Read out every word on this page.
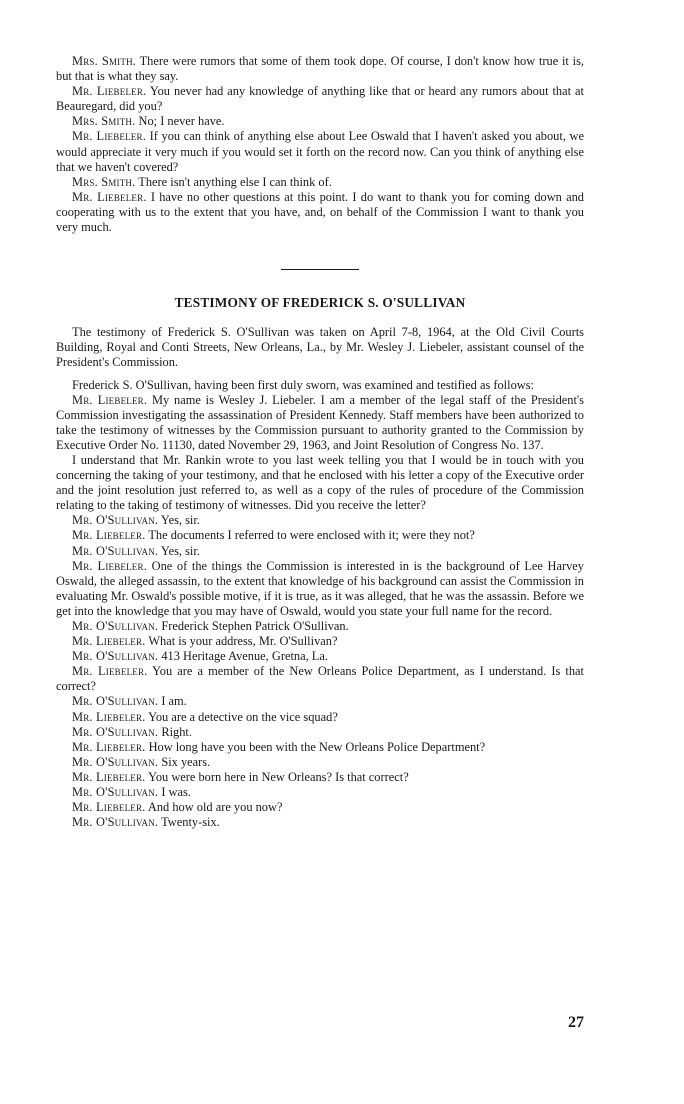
Mrs. Smith. There were rumors that some of them took dope. Of course, I don't know how true it is, but that is what they say.

Mr. Liebeler. You never had any knowledge of anything like that or heard any rumors about that at Beauregard, did you?

Mrs. Smith. No; I never have.

Mr. Liebeler. If you can think of anything else about Lee Oswald that I haven't asked you about, we would appreciate it very much if you would set it forth on the record now. Can you think of anything else that we haven't covered?

Mrs. Smith. There isn't anything else I can think of.

Mr. Liebeler. I have no other questions at this point. I do want to thank you for coming down and cooperating with us to the extent that you have, and, on behalf of the Commission I want to thank you very much.

TESTIMONY OF FREDERICK S. O'SULLIVAN

The testimony of Frederick S. O'Sullivan was taken on April 7-8, 1964, at the Old Civil Courts Building, Royal and Conti Streets, New Orleans, La., by Mr. Wesley J. Liebeler, assistant counsel of the President's Commission.

Frederick S. O'Sullivan, having been first duly sworn, was examined and testified as follows:

Mr. Liebeler. My name is Wesley J. Liebeler. I am a member of the legal staff of the President's Commission investigating the assassination of President Kennedy. Staff members have been authorized to take the testimony of witnesses by the Commission pursuant to authority granted to the Commission by Executive Order No. 11130, dated November 29, 1963, and Joint Resolution of Congress No. 137.

I understand that Mr. Rankin wrote to you last week telling you that I would be in touch with you concerning the taking of your testimony, and that he enclosed with his letter a copy of the Executive order and the joint resolution just referred to, as well as a copy of the rules of procedure of the Commission relating to the taking of testimony of witnesses. Did you receive the letter?

Mr. O'Sullivan. Yes, sir.

Mr. Liebeler. The documents I referred to were enclosed with it; were they not?

Mr. O'Sullivan. Yes, sir.

Mr. Liebeler. One of the things the Commission is interested in is the background of Lee Harvey Oswald, the alleged assassin, to the extent that knowledge of his background can assist the Commission in evaluating Mr. Oswald's possible motive, if it is true, as it was alleged, that he was the assassin. Before we get into the knowledge that you may have of Oswald, would you state your full name for the record.

Mr. O'Sullivan. Frederick Stephen Patrick O'Sullivan.

Mr. Liebeler. What is your address, Mr. O'Sullivan?

Mr. O'Sullivan. 413 Heritage Avenue, Gretna, La.

Mr. Liebeler. You are a member of the New Orleans Police Department, as I understand. Is that correct?

Mr. O'Sullivan. I am.

Mr. Liebeler. You are a detective on the vice squad?

Mr. O'Sullivan. Right.

Mr. Liebeler. How long have you been with the New Orleans Police Department?

Mr. O'Sullivan. Six years.

Mr. Liebeler. You were born here in New Orleans? Is that correct?

Mr. O'Sullivan. I was.

Mr. Liebeler. And how old are you now?

Mr. O'Sullivan. Twenty-six.

27
